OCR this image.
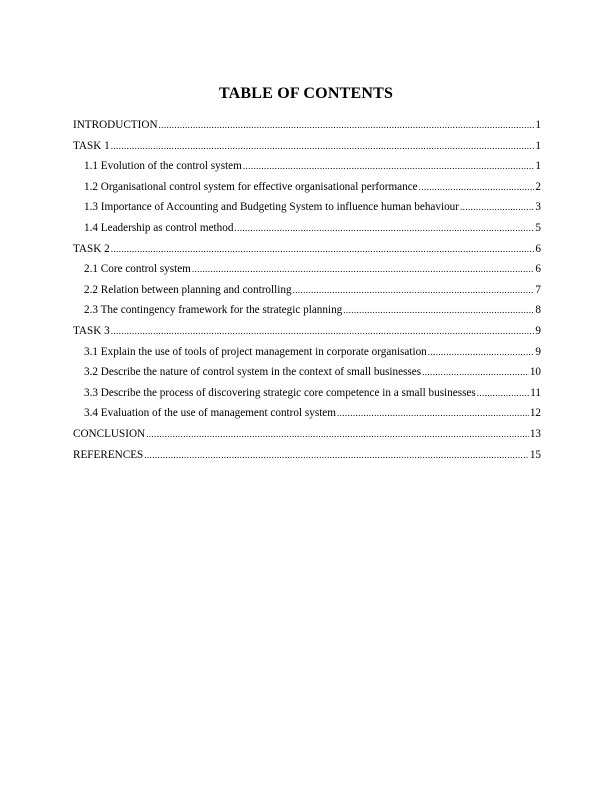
TABLE OF CONTENTS
INTRODUCTION .....	1
TASK 1 .....	1
1.1 Evolution of the control system .....	1
1.2 Organisational control system for effective organisational performance .....	2
1.3 Importance of Accounting and Budgeting System to influence human behaviour .....	3
1.4 Leadership as control method .....	5
TASK 2 .....	6
2.1 Core control system .....	6
2.2 Relation between planning and controlling .....	7
2.3 The contingency framework for the strategic planning .....	8
TASK 3 .....	9
3.1 Explain the use of tools of project management in corporate organisation .....	9
3.2 Describe the nature of control system in the context of small businesses .....	10
3.3 Describe the process of discovering strategic core competence in a small businesses .....	11
3.4 Evaluation of the use of management control system .....	12
CONCLUSION .....	13
REFERENCES .....	15
